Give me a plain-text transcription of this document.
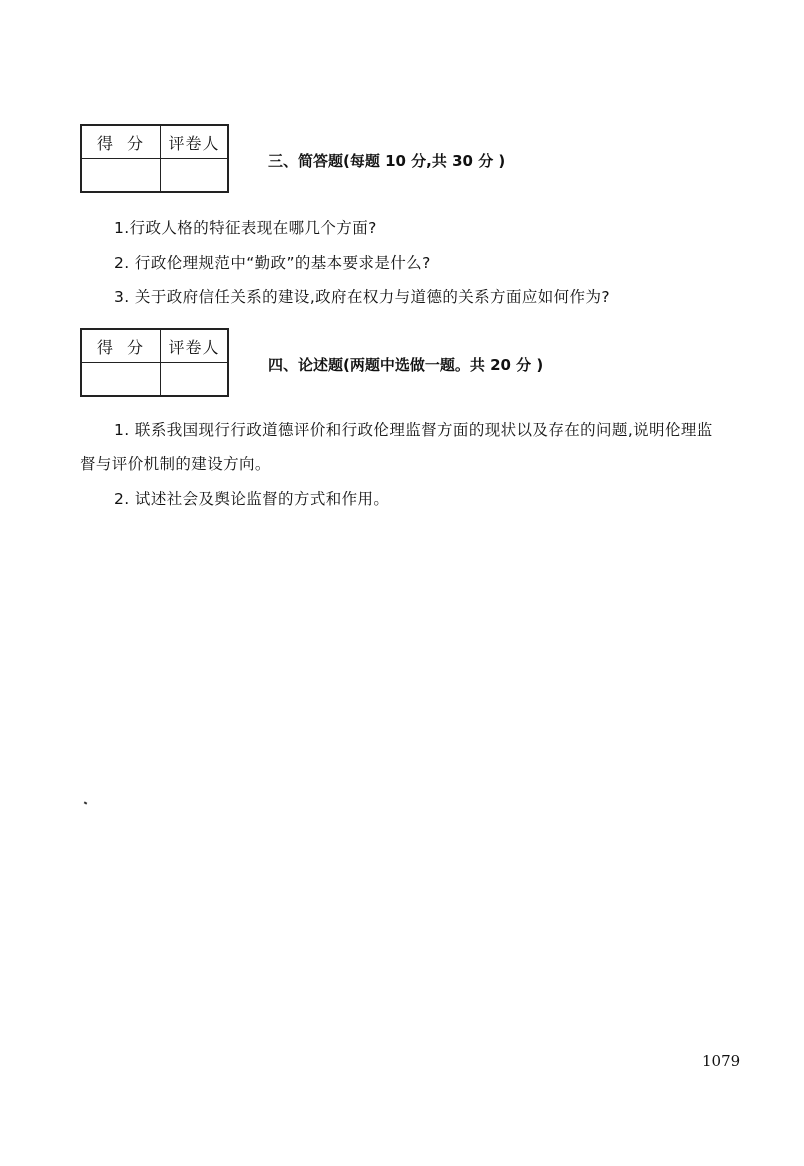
得分	评卷人

三、简答题(每题 10 分,共 30 分 )
1.行政人格的特征表现在哪几个方面?
2. 行政伦理规范中“勤政”的基本要求是什么?
3. 关于政府信任关系的建设,政府在权力与道德的关系方面应如何作为?
得分	评卷人

四、论述题(两题中选做一题。共 20 分 )
1. 联系我国现行行政道德评价和行政伦理监督方面的现状以及存在的问题,说明伦理监督与评价机制的建设方向。
2. 试述社会及舆论监督的方式和作用。
1079
